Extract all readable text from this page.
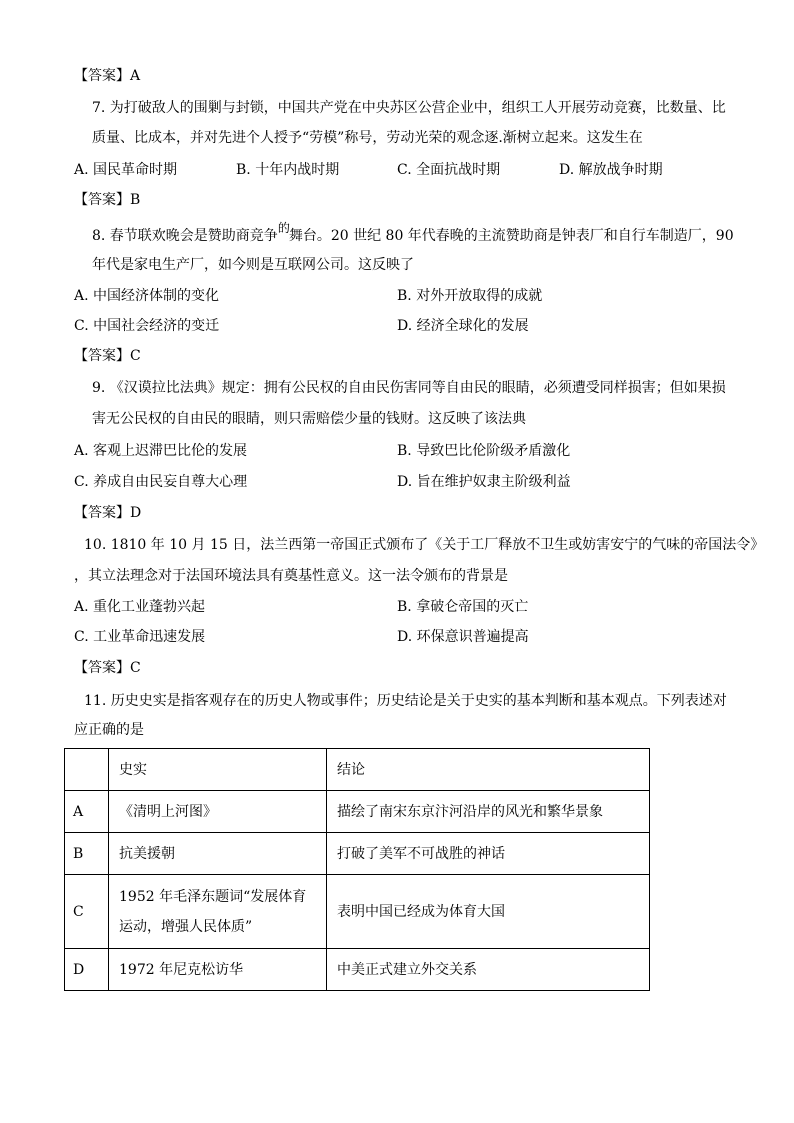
【答案】A
7. 为打破敌人的围剿与封锁，中国共产党在中央苏区公营企业中，组织工人开展劳动竞赛，比数量、比
质量、比成本，并对先进个人授予“劳模”称号，劳动光荣的观念逐.渐树立起来。这发生在
A. 国民革命时期	B. 十年内战时期	C. 全面抗战时期	D. 解放战争时期
【答案】B
8. 春节联欢晚会是赞助商竞争的舞台。20 世纪 80 年代春晚的主流赞助商是钟表厂和自行车制造厂，90
年代是家电生产厂，如今则是互联网公司。这反映了
A. 中国经济体制的变化	B. 对外开放取得的成就
C. 中国社会经济的变迁	D. 经济全球化的发展
【答案】C
9. 《汉谟拉比法典》规定：拥有公民权的自由民伤害同等自由民的眼睛，必须遭受同样损害；但如果损
害无公民权的自由民的眼睛，则只需赔偿少量的钱财。这反映了该法典
A. 客观上迟滞巴比伦的发展	B. 导致巴比伦阶级矛盾激化
C. 养成自由民妄自尊大心理	D. 旨在维护奴隶主阶级利益
【答案】D
10. 1810 年 10 月 15 日，法兰西第一帝国正式颁布了《关于工厂释放不卫生或妨害安宁的气味的帝国法令》
，其立法理念对于法国环境法具有奠基性意义。这一法令颁布的背景是
A. 重化工业蓬勃兴起	B. 拿破仑帝国的灭亡
C. 工业革命迅速发展	D. 环保意识普遍提高
【答案】C
11. 历史史实是指客观存在的历史人物或事件；历史结论是关于史实的基本判断和基本观点。下列表述对
应正确的是
	史实	结论
A	《清明上河图》	描绘了南宋东京汴河沿岸的风光和繁华景象
B	抗美援朝	打破了美军不可战胜的神话
C	1952 年毛泽东题词“发展体育运动，增强人民体质”	表明中国已经成为体育大国
D	1972 年尼克松访华	中美正式建立外交关系
